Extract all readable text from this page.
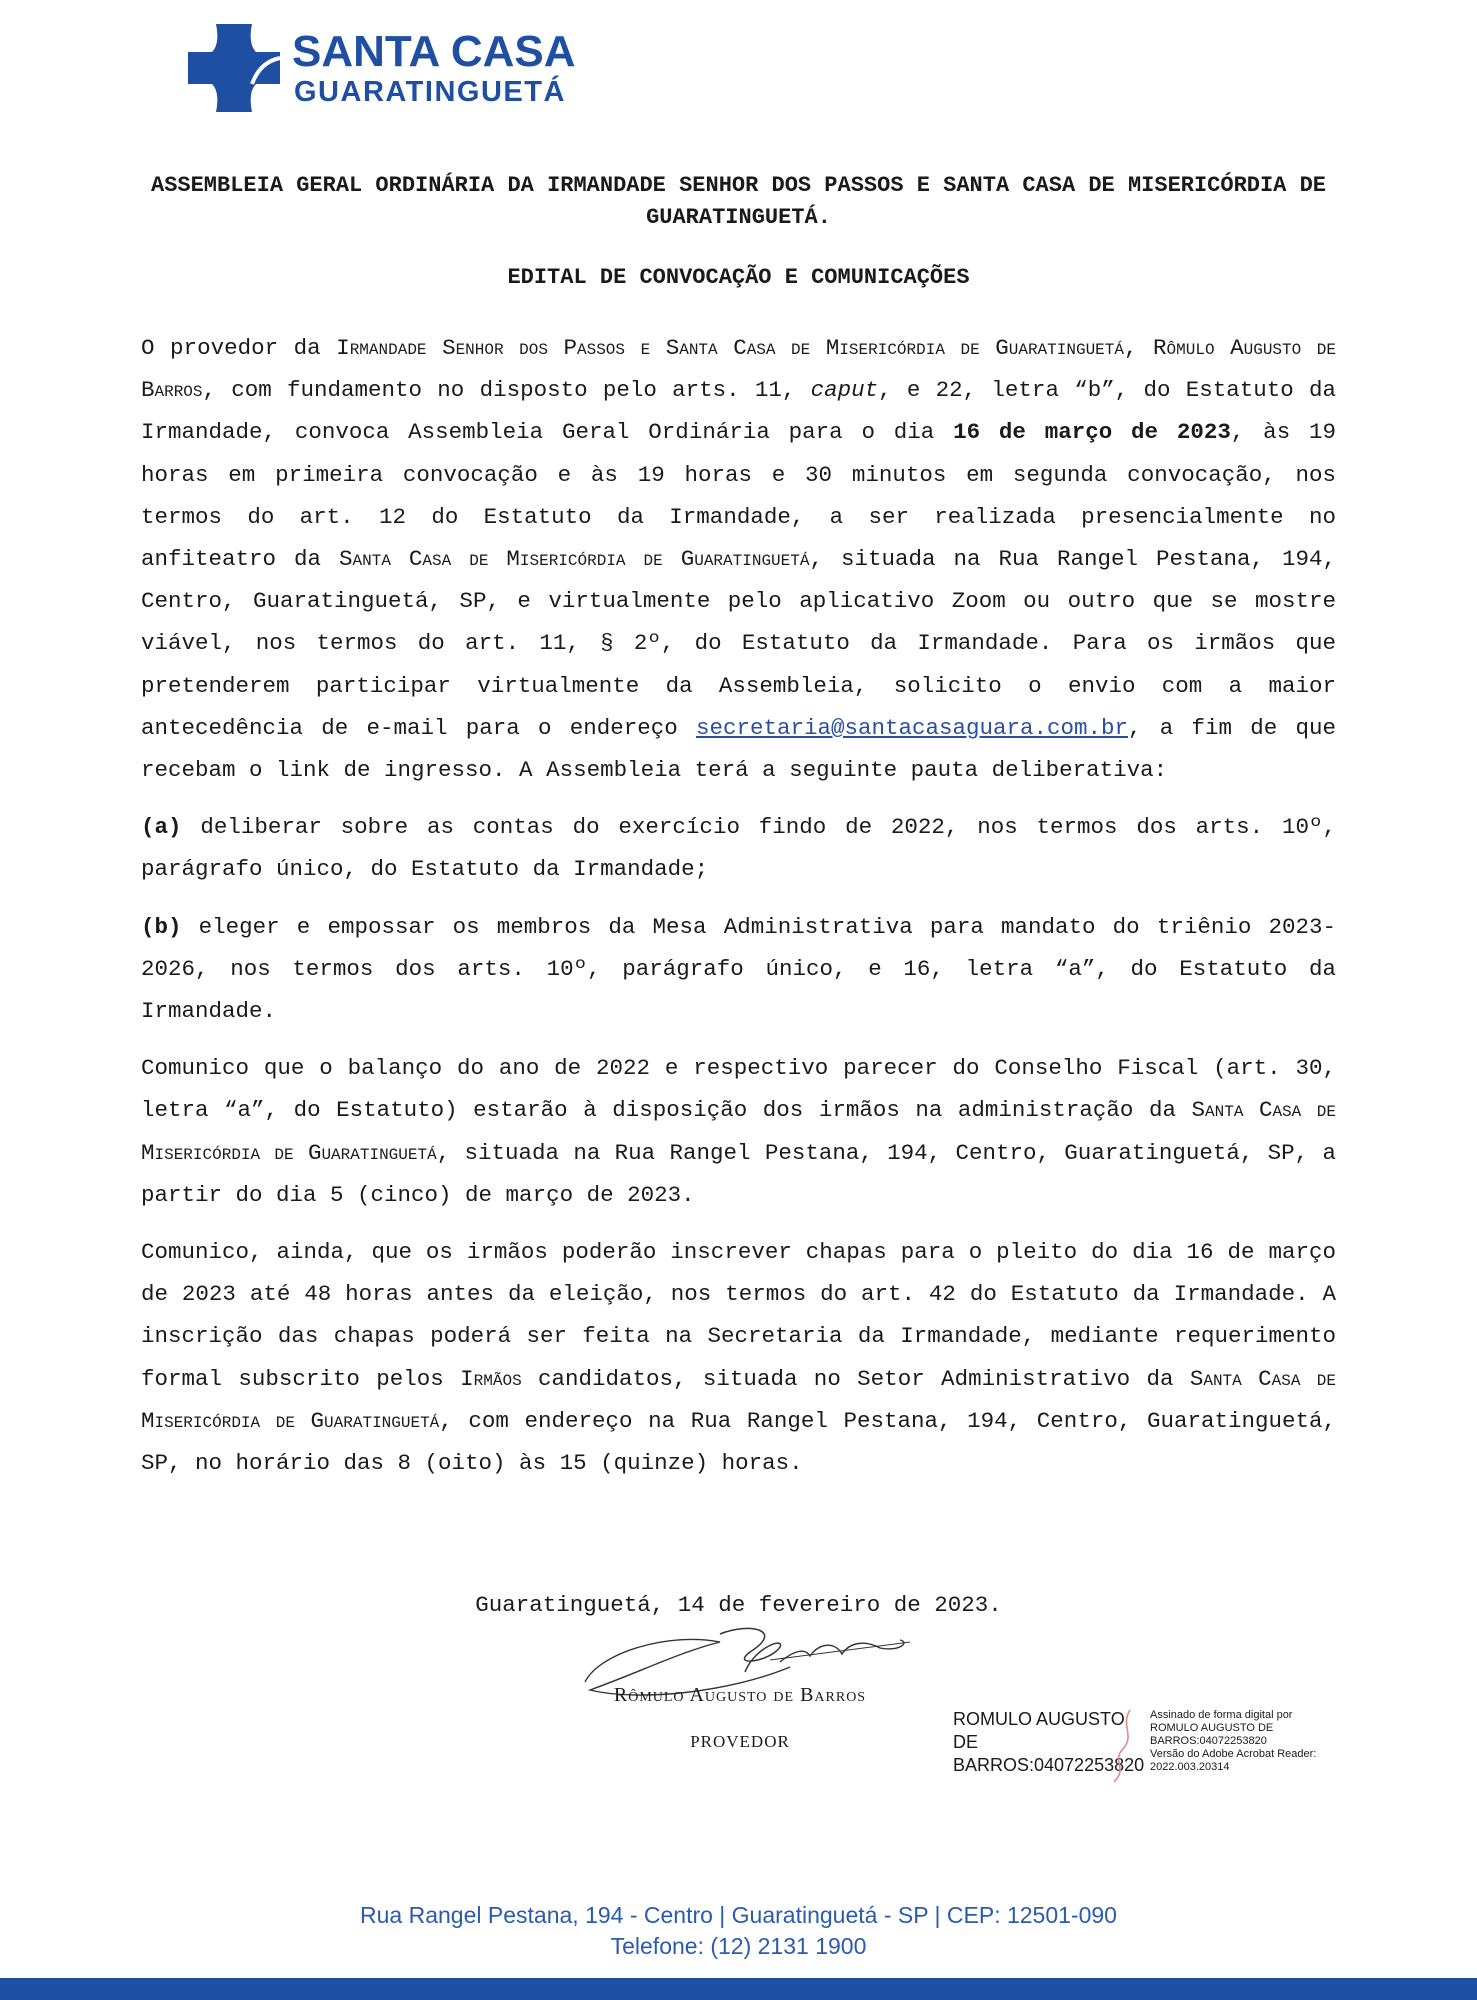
SANTA CASA
GUARATINGUETÁ
ASSEMBLEIA GERAL ORDINÁRIA DA IRMANDADE SENHOR DOS PASSOS E SANTA CASA DE MISERICÓRDIA DE GUARATINGUETÁ.
EDITAL DE CONVOCAÇÃO E COMUNICAÇÕES

O provedor da Irmandade Senhor dos Passos e Santa Casa de Misericórdia de Guaratinguetá, Rômulo Augusto de Barros, com fundamento no disposto pelo arts. 11, caput, e 22, letra “b”, do Estatuto da Irmandade, convoca Assembleia Geral Ordinária para o dia 16 de março de 2023, às 19 horas em primeira convocação e às 19 horas e 30 minutos em segunda convocação, nos termos do art. 12 do Estatuto da Irmandade, a ser realizada presencialmente no anfiteatro da Santa Casa de Misericórdia de Guaratinguetá, situada na Rua Rangel Pestana, 194, Centro, Guaratinguetá, SP, e virtualmente pelo aplicativo Zoom ou outro que se mostre viável, nos termos do art. 11, § 2º, do Estatuto da Irmandade. Para os irmãos que pretenderem participar virtualmente da Assembleia, solicito o envio com a maior antecedência de e-mail para o endereço secretaria@santacasaguara.com.br, a fim de que recebam o link de ingresso. A Assembleia terá a seguinte pauta deliberativa:

(a) deliberar sobre as contas do exercício findo de 2022, nos termos dos arts. 10º, parágrafo único, do Estatuto da Irmandade;

(b) eleger e empossar os membros da Mesa Administrativa para mandato do triênio 2023-2026, nos termos dos arts. 10º, parágrafo único, e 16, letra “a”, do Estatuto da Irmandade.

Comunico que o balanço do ano de 2022 e respectivo parecer do Conselho Fiscal (art. 30, letra “a”, do Estatuto) estarão à disposição dos irmãos na administração da Santa Casa de Misericórdia de Guaratinguetá, situada na Rua Rangel Pestana, 194, Centro, Guaratinguetá, SP, a partir do dia 5 (cinco) de março de 2023.

Comunico, ainda, que os irmãos poderão inscrever chapas para o pleito do dia 16 de março de 2023 até 48 horas antes da eleição, nos termos do art. 42 do Estatuto da Irmandade. A inscrição das chapas poderá ser feita na Secretaria da Irmandade, mediante requerimento formal subscrito pelos Irmãos candidatos, situada no Setor Administrativo da Santa Casa de Misericórdia de Guaratinguetá, com endereço na Rua Rangel Pestana, 194, Centro, Guaratinguetá, SP, no horário das 8 (oito) às 15 (quinze) horas.

Guaratinguetá, 14 de fevereiro de 2023.
Rômulo Augusto de Barros
PROVEDOR
ROMULO AUGUSTO
DE
BARROS:04072253820
Assinado de forma digital por
ROMULO AUGUSTO DE
BARROS:04072253820
Versão do Adobe Acrobat Reader:
2022.003.20314
Rua Rangel Pestana, 194 - Centro | Guaratinguetá - SP | CEP: 12501-090
Telefone: (12) 2131 1900
